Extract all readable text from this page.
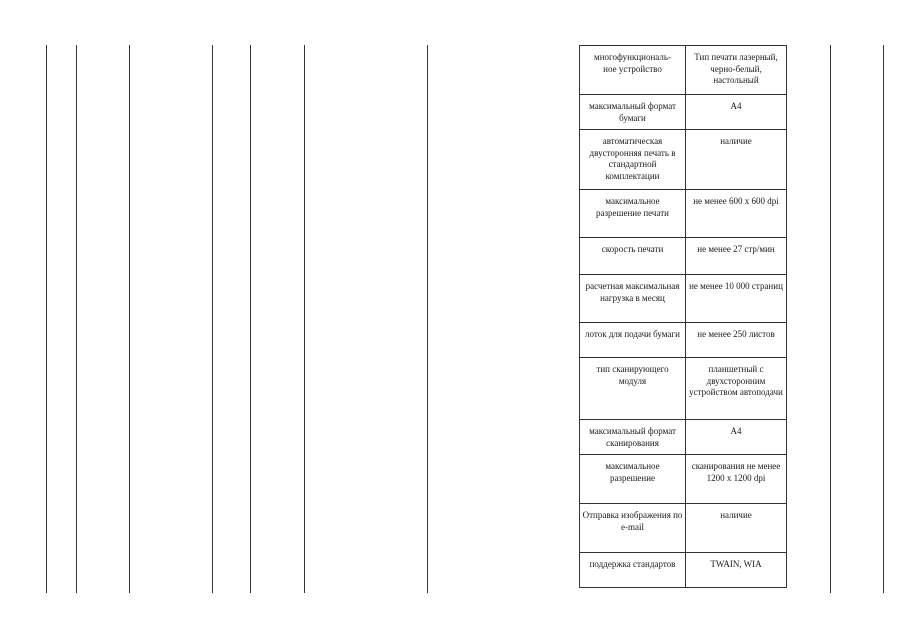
многофункциональ-
ное устройство	Тип печати лазерный, черно-белый, настольный
максимальный формат бумаги	А4
автоматическая двусторонняя печать в стандартной комплектации	наличие
максимальное разрешение печати	не менее 600 х 600 dpi
скорость печати	не менее 27 стр/мин
расчетная максимальная нагрузка в месяц	не менее 10 000 страниц
лоток для подачи бумаги	не менее 250 листов
тип сканирующего модуля	планшетный с двухсторонним устройством автоподачи
максимальный формат сканирования	А4
максимальное разрешение	сканирования не менее 1200 х 1200 dpi
Отправка изображения по e-mail	наличие
поддержка стандартов	TWAIN, WIA
